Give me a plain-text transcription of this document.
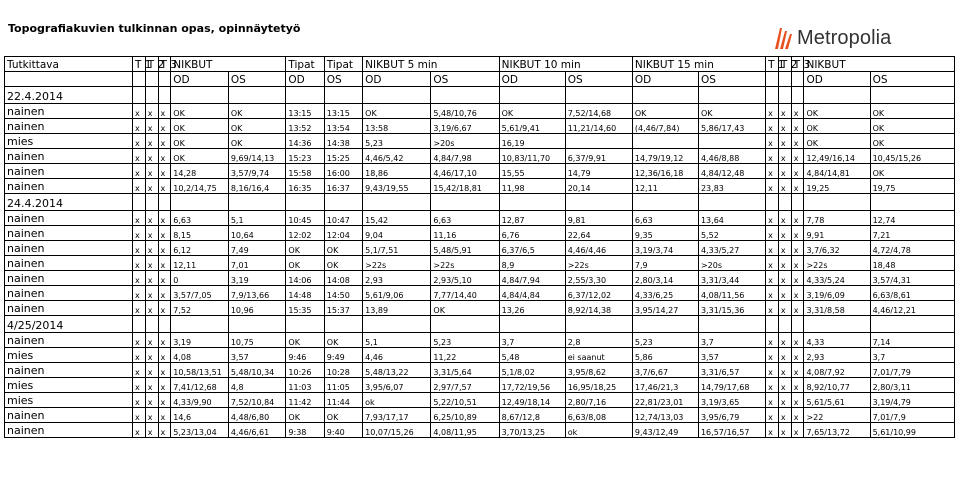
Topografiakuvien tulkinnan opas, opinnäytetyö	Metropolia
Tutkittava	T 1	T 2	T 3	NIKBUT		Tipat	Tipat	NIKBUT 5 min		NIKBUT 10 min		NIKBUT 15 min		T 1	T 2	T 3	NIKBUT	
				OD	OS	OD	OS	OD	OS	OD	OS	OD	OS				OD	OS
22.4.2014																		
nainen	x	x	x	OK	OK	13:15	13:15	OK	5,48/10,76	OK	7,52/14,68	OK	OK	x	x	x	OK	OK
nainen	x	x	x	OK	OK	13:52	13:54	13:58	3,19/6,67	5,61/9,41	11,21/14,60	(4,46/7,84)	5,86/17,43	x	x	x	OK	OK
mies	x	x	x	OK	OK	14:36	14:38	5,23	>20s	16,19				x	x	x	OK	OK
nainen	x	x	x	OK	9,69/14,13	15:23	15:25	4,46/5,42	4,84/7,98	10,83/11,70	6,37/9,91	14,79/19,12	4,46/8,88	x	x	x	12,49/16,14	10,45/15,26
nainen	x	x	x	14,28	3,57/9,74	15:58	16:00	18,86	4,46/17,10	15,55	14,79	12,36/16,18	4,84/12,48	x	x	x	4,84/14,81	OK
nainen	x	x	x	10,2/14,75	8,16/16,4	16:35	16:37	9,43/19,55	15,42/18,81	11,98	20,14	12,11	23,83	x	x	x	19,25	19,75
24.4.2014																		
nainen	x	x	x	6,63	5,1	10:45	10:47	15,42	6,63	12,87	9,81	6,63	13,64	x	x	x	7,78	12,74
nainen	x	x	x	8,15	10,64	12:02	12:04	9,04	11,16	6,76	22,64	9,35	5,52	x	x	x	9,91	7,21
nainen	x	x	x	6,12	7,49	OK	OK	5,1/7,51	5,48/5,91	6,37/6,5	4,46/4,46	3,19/3,74	4,33/5,27	x	x	x	3,7/6,32	4,72/4,78
nainen	x	x	x	12,11	7,01	OK	OK	>22s	>22s	8,9	>22s	7,9	>20s	x	x	x	>22s	18,48
nainen	x	x	x	0	3,19	14:06	14:08	2,93	2,93/5,10	4,84/7,94	2,55/3,30	2,80/3,14	3,31/3,44	x	x	x	4,33/5,24	3,57/4,31
nainen	x	x	x	3,57/7,05	7,9/13,66	14:48	14:50	5,61/9,06	7,77/14,40	4,84/4,84	6,37/12,02	4,33/6,25	4,08/11,56	x	x	x	3,19/6,09	6,63/8,61
nainen	x	x	x	7,52	10,96	15:35	15:37	13,89	OK	13,26	8,92/14,38	3,95/14,27	3,31/15,36	x	x	x	3,31/8,58	4,46/12,21
4/25/2014																		
nainen	x	x	x	3,19	10,75	OK	OK	5,1	5,23	3,7	2,8	5,23	3,7	x	x	x	4,33	7,14
mies	x	x	x	4,08	3,57	9:46	9:49	4,46	11,22	5,48	ei saanut	5,86	3,57	x	x	x	2,93	3,7
nainen	x	x	x	10,58/13,51	5,48/10,34	10:26	10:28	5,48/13,22	3,31/5,64	5,1/8,02	3,95/8,62	3,7/6,67	3,31/6,57	x	x	x	4,08/7,92	7,01/7,79
mies	x	x	x	7,41/12,68	4,8	11:03	11:05	3,95/6,07	2,97/7,57	17,72/19,56	16,95/18,25	17,46/21,3	14,79/17,68	x	x	x	8,92/10,77	2,80/3,11
mies	x	x	x	4,33/9,90	7,52/10,84	11:42	11:44	ok	5,22/10,51	12,49/18,14	2,80/7,16	22,81/23,01	3,19/3,65	x	x	x	5,61/5,61	3,19/4,79
nainen	x	x	x	14,6	4,48/6,80	OK	OK	7,93/17,17	6,25/10,89	8,67/12,8	6,63/8,08	12,74/13,03	3,95/6,79	x	x	x	>22	7,01/7,9
nainen	x	x	x	5,23/13,04	4,46/6,61	9:38	9:40	10,07/15,26	4,08/11,95	3,70/13,25	ok	9,43/12,49	16,57/16,57	x	x	x	7,65/13,72	5,61/10,99
